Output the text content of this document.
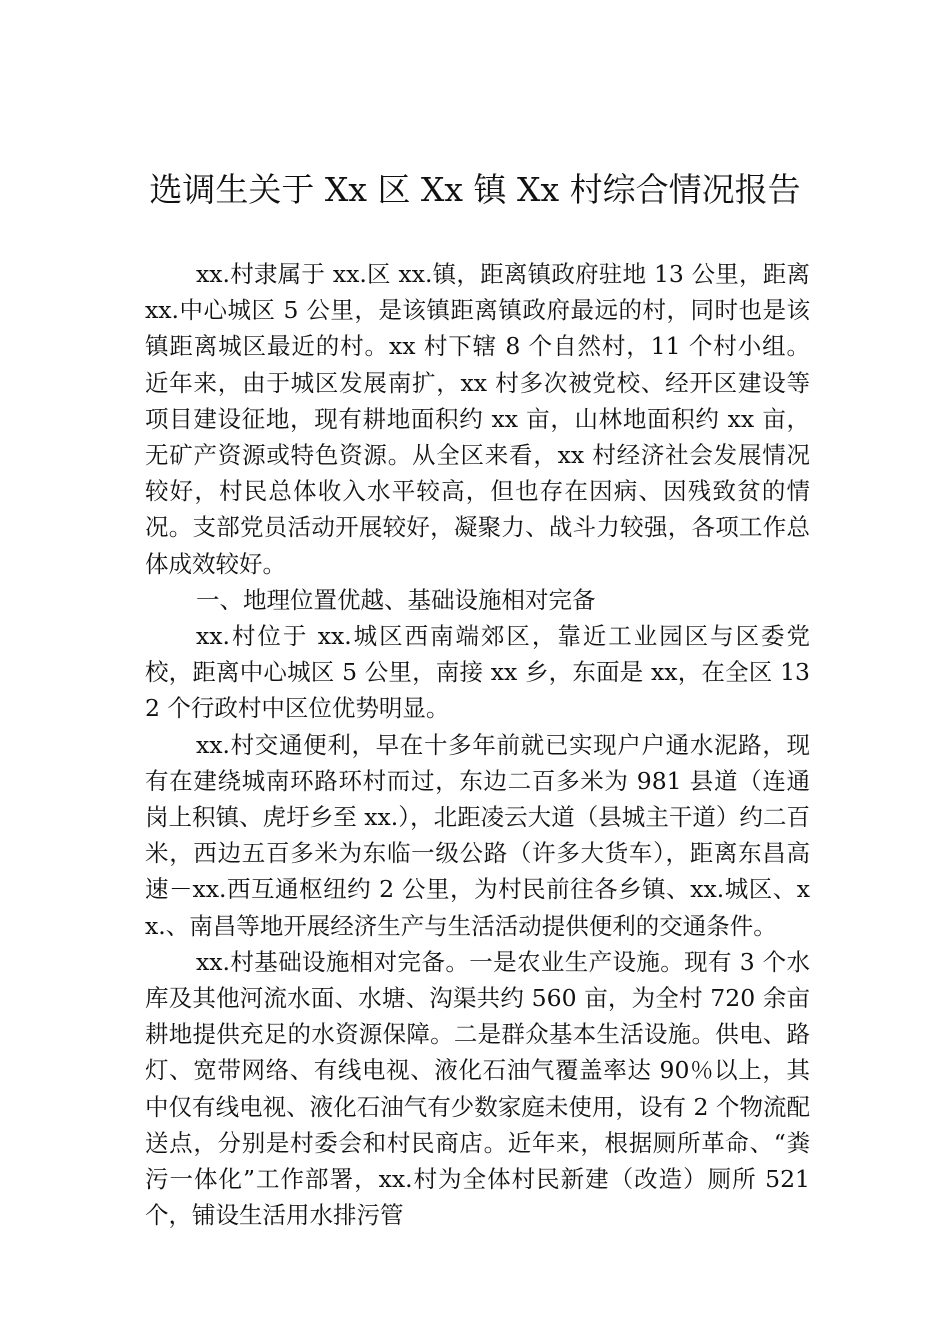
选调生关于 Xx 区 Xx 镇 Xx 村综合情况报告

xx.村隶属于 xx.区 xx.镇，距离镇政府驻地 13 公里，距离 xx.中心城区 5 公里，是该镇距离镇政府最远的村，同时也是该镇距离城区最近的村。xx 村下辖 8 个自然村，11 个村小组。近年来，由于城区发展南扩，xx 村多次被党校、经开区建设等项目建设征地，现有耕地面积约 xx 亩，山林地面积约 xx 亩，无矿产资源或特色资源。从全区来看，xx 村经济社会发展情况较好，村民总体收入水平较高，但也存在因病、因残致贫的情况。支部党员活动开展较好，凝聚力、战斗力较强，各项工作总体成效较好。

一、地理位置优越、基础设施相对完备

xx.村位于 xx.城区西南端郊区，靠近工业园区与区委党校，距离中心城区 5 公里，南接 xx 乡，东面是 xx，在全区 132 个行政村中区位优势明显。

xx.村交通便利，早在十多年前就已实现户户通水泥路，现有在建绕城南环路环村而过，东边二百多米为 981 县道（连通岗上积镇、虎圩乡至 xx.），北距凌云大道（县城主干道）约二百米，西边五百多米为东临一级公路（许多大货车），距离东昌高速－xx.西互通枢纽约 2 公里，为村民前往各乡镇、xx.城区、xx.、南昌等地开展经济生产与生活活动提供便利的交通条件。

xx.村基础设施相对完备。一是农业生产设施。现有 3 个水库及其他河流水面、水塘、沟渠共约 560 亩，为全村 720 余亩耕地提供充足的水资源保障。二是群众基本生活设施。供电、路灯、宽带网络、有线电视、液化石油气覆盖率达 90％以上，其中仅有线电视、液化石油气有少数家庭未使用，设有 2 个物流配送点，分别是村委会和村民商店。近年来，根据厕所革命、“粪污一体化”工作部署，xx.村为全体村民新建（改造）厕所 521 个，铺设生活用水排污管
